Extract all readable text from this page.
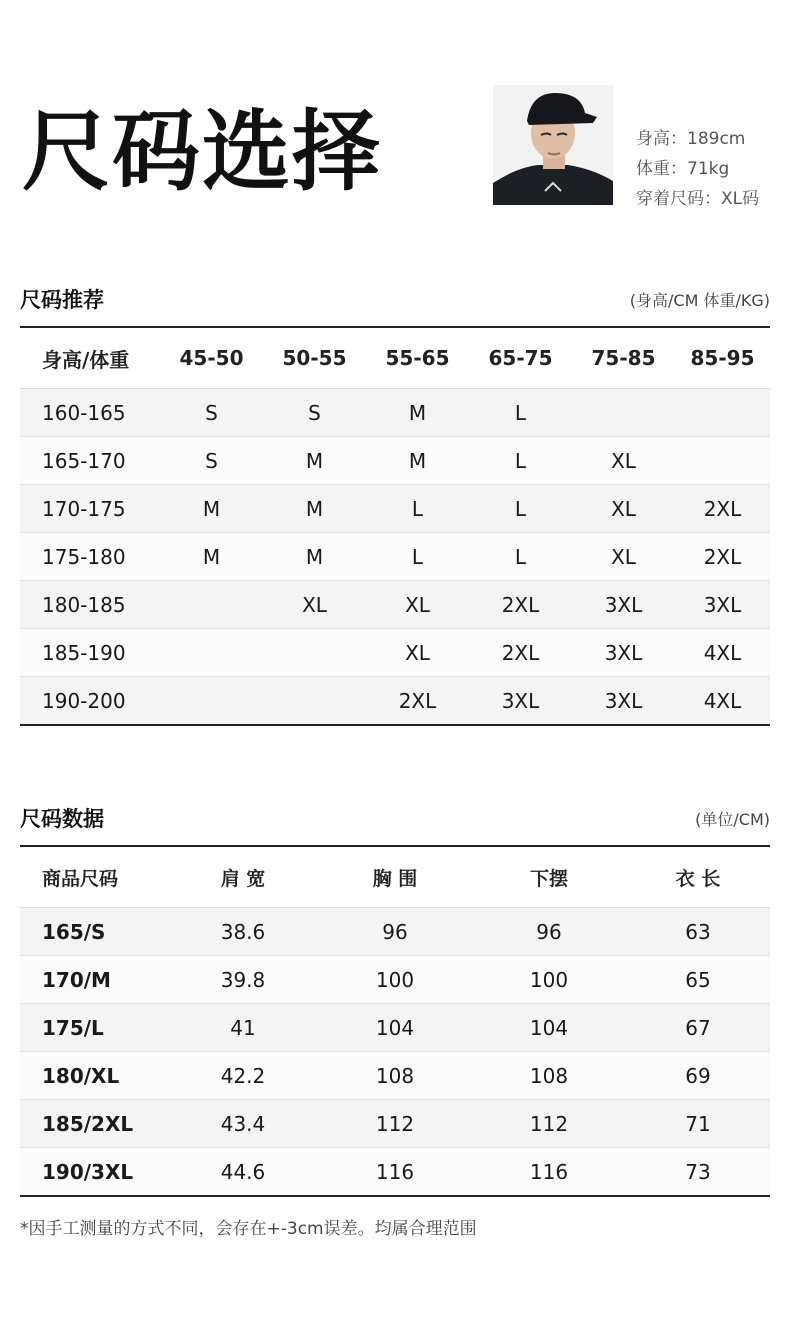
尺码选择	身高：189cm
体重：71kg
穿着尺码：XL码
尺码推荐	(身高/CM 体重/KG)
身高/体重	45-50	50-55	55-65	65-75	75-85	85-95
160-165	S	S	M	L		
165-170	S	M	M	L	XL	
170-175	M	M	L	L	XL	2XL
175-180	M	M	L	L	XL	2XL
180-185		XL	XL	2XL	3XL	3XL
185-190			XL	2XL	3XL	4XL
190-200			2XL	3XL	3XL	4XL
尺码数据	(单位/CM)
商品尺码	肩 宽	胸 围	下摆	衣 长
165/S	38.6	96	96	63
170/M	39.8	100	100	65
175/L	41	104	104	67
180/XL	42.2	108	108	69
185/2XL	43.4	112	112	71
190/3XL	44.6	116	116	73
*因手工测量的方式不同，会存在+-3cm误差。均属合理范围
